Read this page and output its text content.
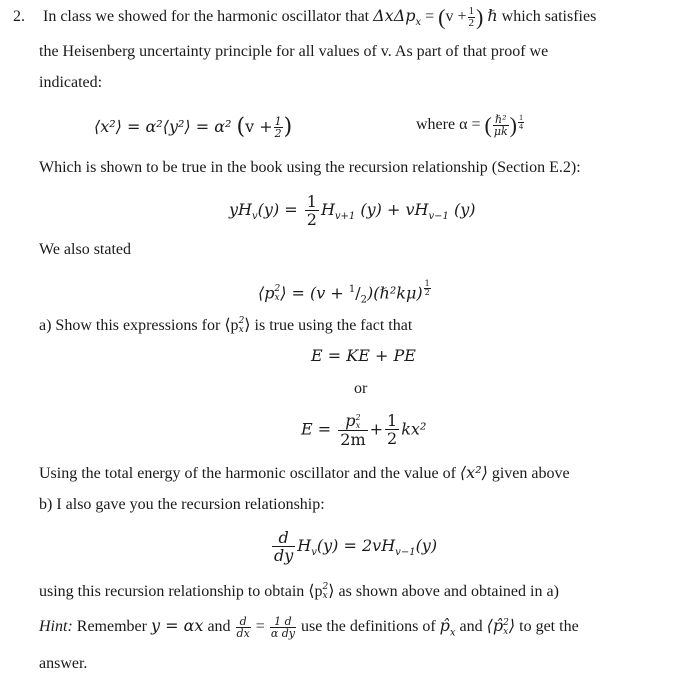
2. In class we showed for the harmonic oscillator that $\Delta x\Delta p_x = (v + \frac{1}{2}$ ) ℏ which satisfies
the Heisenberg uncertainty principle for all values of v. As part of that proof we
indicated:
⟨x²⟩ = α²⟨y²⟩ = α² ($v + \frac{1}{2}$ )	where α = ( $\frac{\text{ℏ²}}{\mu k}$ ) $\frac{1}{4}$
Which is shown to be true in the book using the recursion relationship (Section E.2):
$yH_v(y) = \frac{1}{2} H_{v+1}$ $(y) + vH_{v-1}$ (y)
We also stated
⟨p 2
x ⟩ = $(v + ^1/_2)(\hbar^2k\mu) \frac{1}{2}$
a) Show this expressions for ⟨p 2
x ⟩ is true using the fact that
E = KE + PE
or
E = p 2
x
$2m + \frac{1}{2} kx^2$
Using the total energy of the harmonic oscillator and the value of ⟨x²⟩ given above
b) I also gave you the recursion relationship:
$\frac{d}{dy} H_v(y) = 2vH_{v-1}(y)$
using this recursion relationship to obtain ⟨p 2
x ⟩ as shown above and obtained in a)
Hint: Remember y = αx and $\frac{d}{dx} = \frac{1 d}{\text{α dy}}$ use the definitions of $p̂_x$ and ⟨p̂ 2
x ⟩ to get the
answer.
